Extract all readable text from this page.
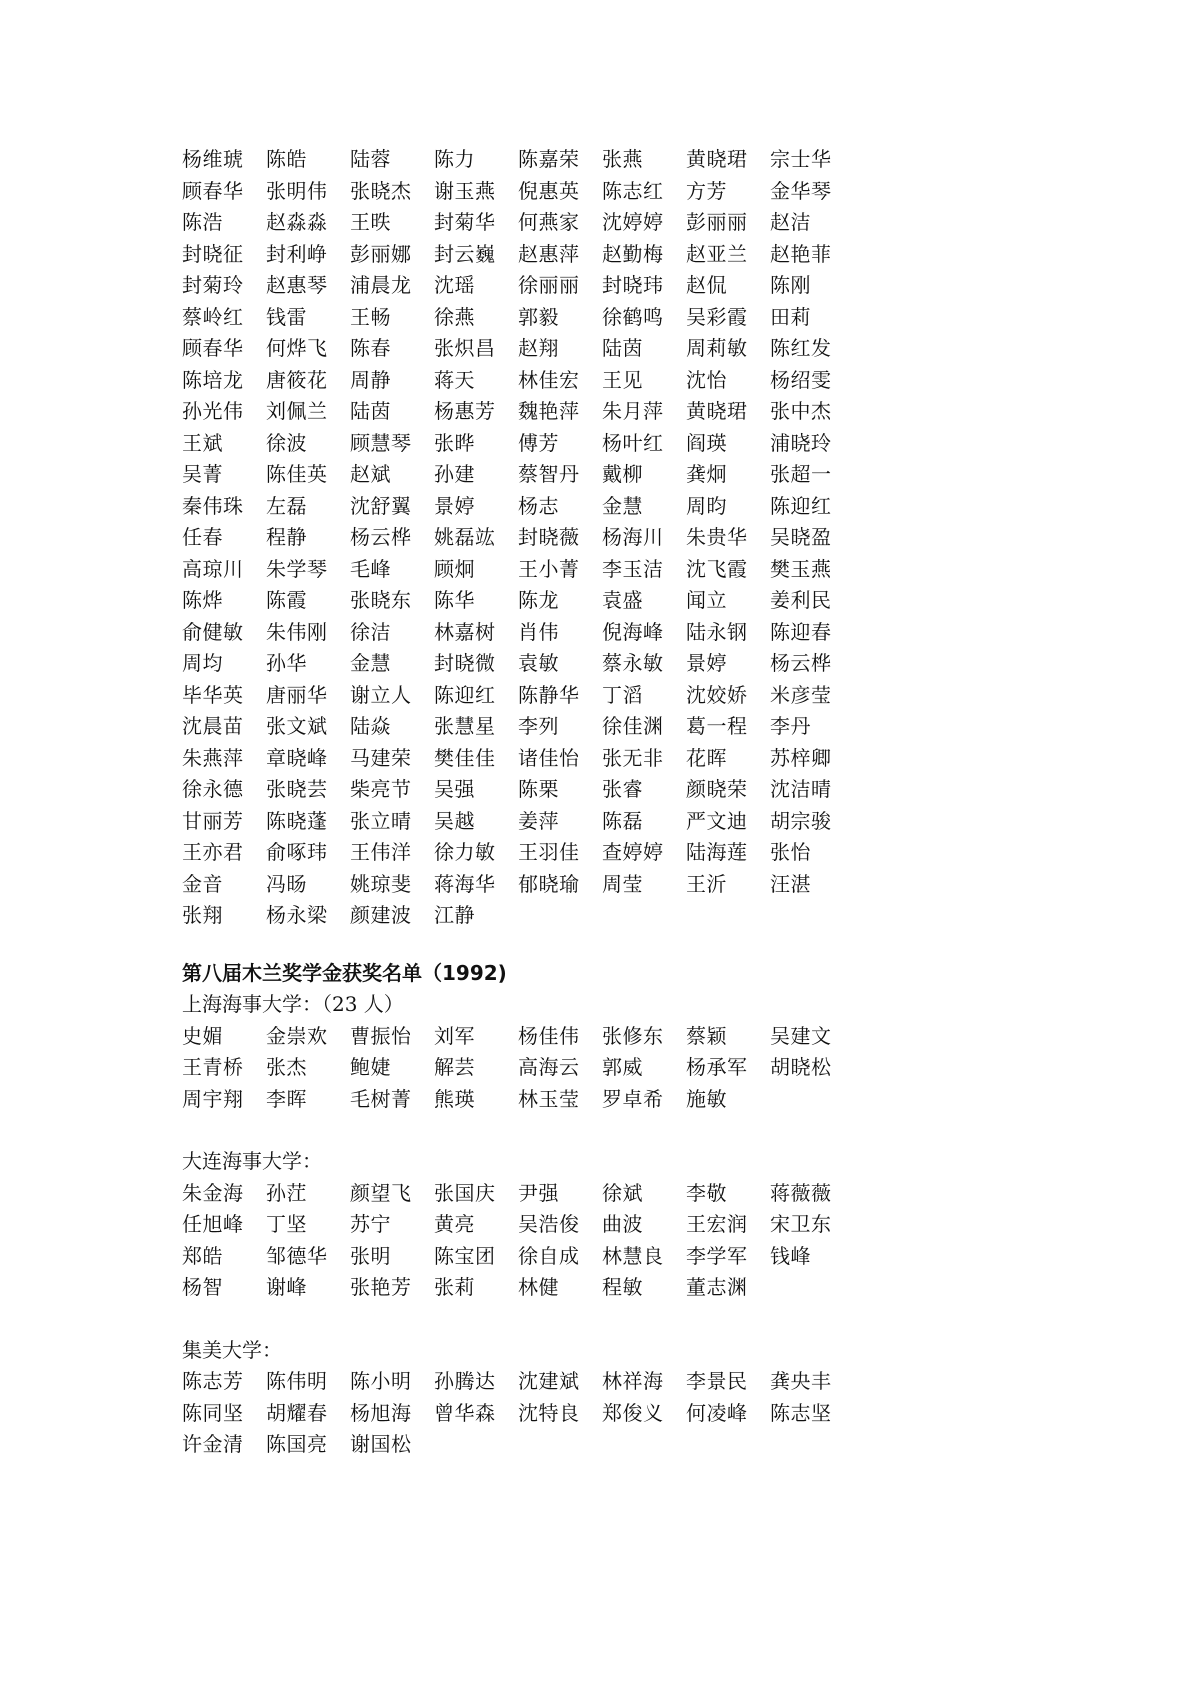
杨维琥	陈皓	陆蓉	陈力	陈嘉荣	张燕	黄晓珺	宗士华
顾春华	张明伟	张晓杰	谢玉燕	倪惠英	陈志红	方芳	金华琴
陈浩	赵淼淼	王昳	封菊华	何燕家	沈婷婷	彭丽丽	赵洁
封晓征	封利峥	彭丽娜	封云巍	赵惠萍	赵勤梅	赵亚兰	赵艳菲
封菊玲	赵惠琴	浦晨龙	沈瑶	徐丽丽	封晓玮	赵侃	陈刚
蔡岭红	钱雷	王畅	徐燕	郭毅	徐鹤鸣	吴彩霞	田莉
顾春华	何烨飞	陈春	张炽昌	赵翔	陆茵	周莉敏	陈红发
陈培龙	唐筱花	周静	蒋天	林佳宏	王见	沈怡	杨绍雯
孙光伟	刘佩兰	陆茵	杨惠芳	魏艳萍	朱月萍	黄晓珺	张中杰
王斌	徐波	顾慧琴	张晔	傅芳	杨叶红	阎瑛	浦晓玲
吴菁	陈佳英	赵斌	孙建	蔡智丹	戴柳	龚炯	张超一
秦伟珠	左磊	沈舒翼	景婷	杨志	金慧	周昀	陈迎红
任春	程静	杨云桦	姚磊竑	封晓薇	杨海川	朱贵华	吴晓盈
高琼川	朱学琴	毛峰	顾炯	王小菁	李玉洁	沈飞霞	樊玉燕
陈烨	陈霞	张晓东	陈华	陈龙	袁盛	闻立	姜利民
俞健敏	朱伟刚	徐洁	林嘉树	肖伟	倪海峰	陆永钢	陈迎春
周均	孙华	金慧	封晓微	袁敏	蔡永敏	景婷	杨云桦
毕华英	唐丽华	谢立人	陈迎红	陈静华	丁滔	沈姣娇	米彦莹
沈晨苗	张文斌	陆焱	张慧星	李列	徐佳渊	葛一程	李丹
朱燕萍	章晓峰	马建荣	樊佳佳	诸佳怡	张无非	花晖	苏梓卿
徐永德	张晓芸	柴亮节	吴强	陈栗	张睿	颜晓荣	沈洁晴
甘丽芳	陈晓蓬	张立晴	吴越	姜萍	陈磊	严文迪	胡宗骏
王亦君	俞啄玮	王伟洋	徐力敏	王羽佳	查婷婷	陆海莲	张怡
金音	冯旸	姚琼斐	蒋海华	郁晓瑜	周莹	王沂	汪湛
张翔	杨永梁	颜建波	江静
第八届木兰奖学金获奖名单（1992)
上海海事大学：（23 人）
史媚	金崇欢	曹振怡	刘军	杨佳伟	张修东	蔡颖	吴建文
王青桥	张杰	鲍婕	解芸	高海云	郭威	杨承军	胡晓松
周宇翔	李晖	毛树菁	熊瑛	林玉莹	罗卓希	施敏
大连海事大学：
朱金海	孙茳	颜望飞	张国庆	尹强	徐斌	李敬	蒋薇薇
任旭峰	丁坚	苏宁	黄亮	吴浩俊	曲波	王宏润	宋卫东
郑皓	邹德华	张明	陈宝团	徐自成	林慧良	李学军	钱峰
杨智	谢峰	张艳芳	张莉	林健	程敏	董志渊
集美大学：
陈志芳	陈伟明	陈小明	孙腾达	沈建斌	林祥海	李景民	龚央丰
陈同坚	胡耀春	杨旭海	曾华森	沈特良	郑俊义	何凌峰	陈志坚
许金清	陈国亮	谢国松
